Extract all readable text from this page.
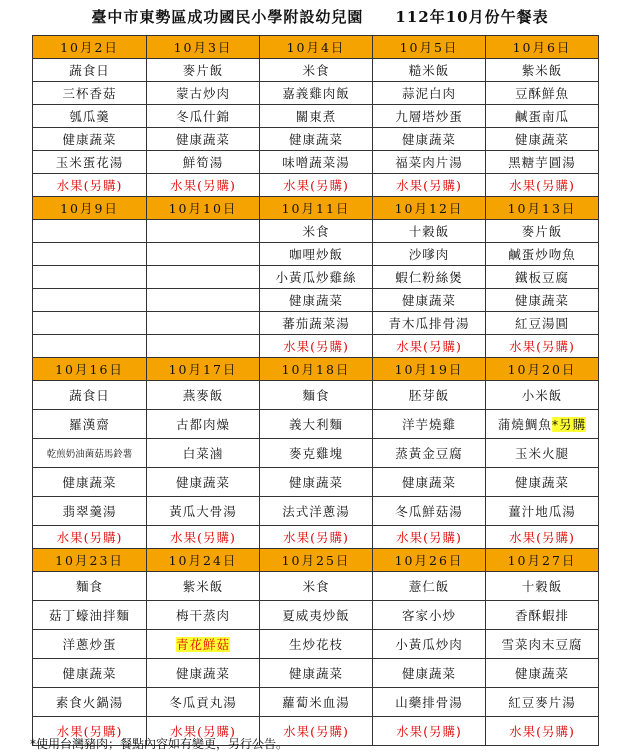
臺中市東勢區成功國民小學附設幼兒園　　112年10月份午餐表
10月2日	10月3日	10月4日	10月5日	10月6日
蔬食日	麥片飯	米食	糙米飯	紫米飯
三杯香菇	蒙古炒肉	嘉義雞肉飯	蒜泥白肉	豆酥鮮魚
瓠瓜羹	冬瓜什錦	關東煮	九層塔炒蛋	鹹蛋南瓜
健康蔬菜	健康蔬菜	健康蔬菜	健康蔬菜	健康蔬菜
玉米蛋花湯	鮮筍湯	味噌蔬菜湯	福菜肉片湯	黑糖芋圓湯
水果(另購)	水果(另購)	水果(另購)	水果(另購)	水果(另購)
10月9日	10月10日	10月11日	10月12日	10月13日
		米食	十穀飯	麥片飯
		咖哩炒飯	沙嗲肉	鹹蛋炒吻魚
		小黃瓜炒雞絲	蝦仁粉絲煲	鐵板豆腐
		健康蔬菜	健康蔬菜	健康蔬菜
		蕃茄蔬菜湯	青木瓜排骨湯	紅豆湯圓
		水果(另購)	水果(另購)	水果(另購)
10月16日	10月17日	10月18日	10月19日	10月20日
蔬食日	燕麥飯	麵食	胚芽飯	小米飯
羅漢齋	古都肉燥	義大利麵	洋芋燒雞	蒲燒鯛魚*另購
乾煎奶油菌菇馬鈴薯	白菜滷	麥克雞塊	蒸黃金豆腐	玉米火腿
健康蔬菜	健康蔬菜	健康蔬菜	健康蔬菜	健康蔬菜
翡翠羹湯	黃瓜大骨湯	法式洋蔥湯	冬瓜鮮菇湯	薑汁地瓜湯
水果(另購)	水果(另購)	水果(另購)	水果(另購)	水果(另購)
10月23日	10月24日	10月25日	10月26日	10月27日
麵食	紫米飯	米食	薏仁飯	十穀飯
菇丁蠔油拌麵	梅干蒸肉	夏威夷炒飯	客家小炒	香酥蝦排
洋蔥炒蛋	青花鮮菇	生炒花枝	小黃瓜炒肉	雪菜肉末豆腐
健康蔬菜	健康蔬菜	健康蔬菜	健康蔬菜	健康蔬菜
素食火鍋湯	冬瓜貢丸湯	蘿蔔米血湯	山藥排骨湯	紅豆麥片湯
水果(另購)	水果(另購)	水果(另購)	水果(另購)	水果(另購)
*使用台灣豬肉；餐點內容如有變更，另行公告。
